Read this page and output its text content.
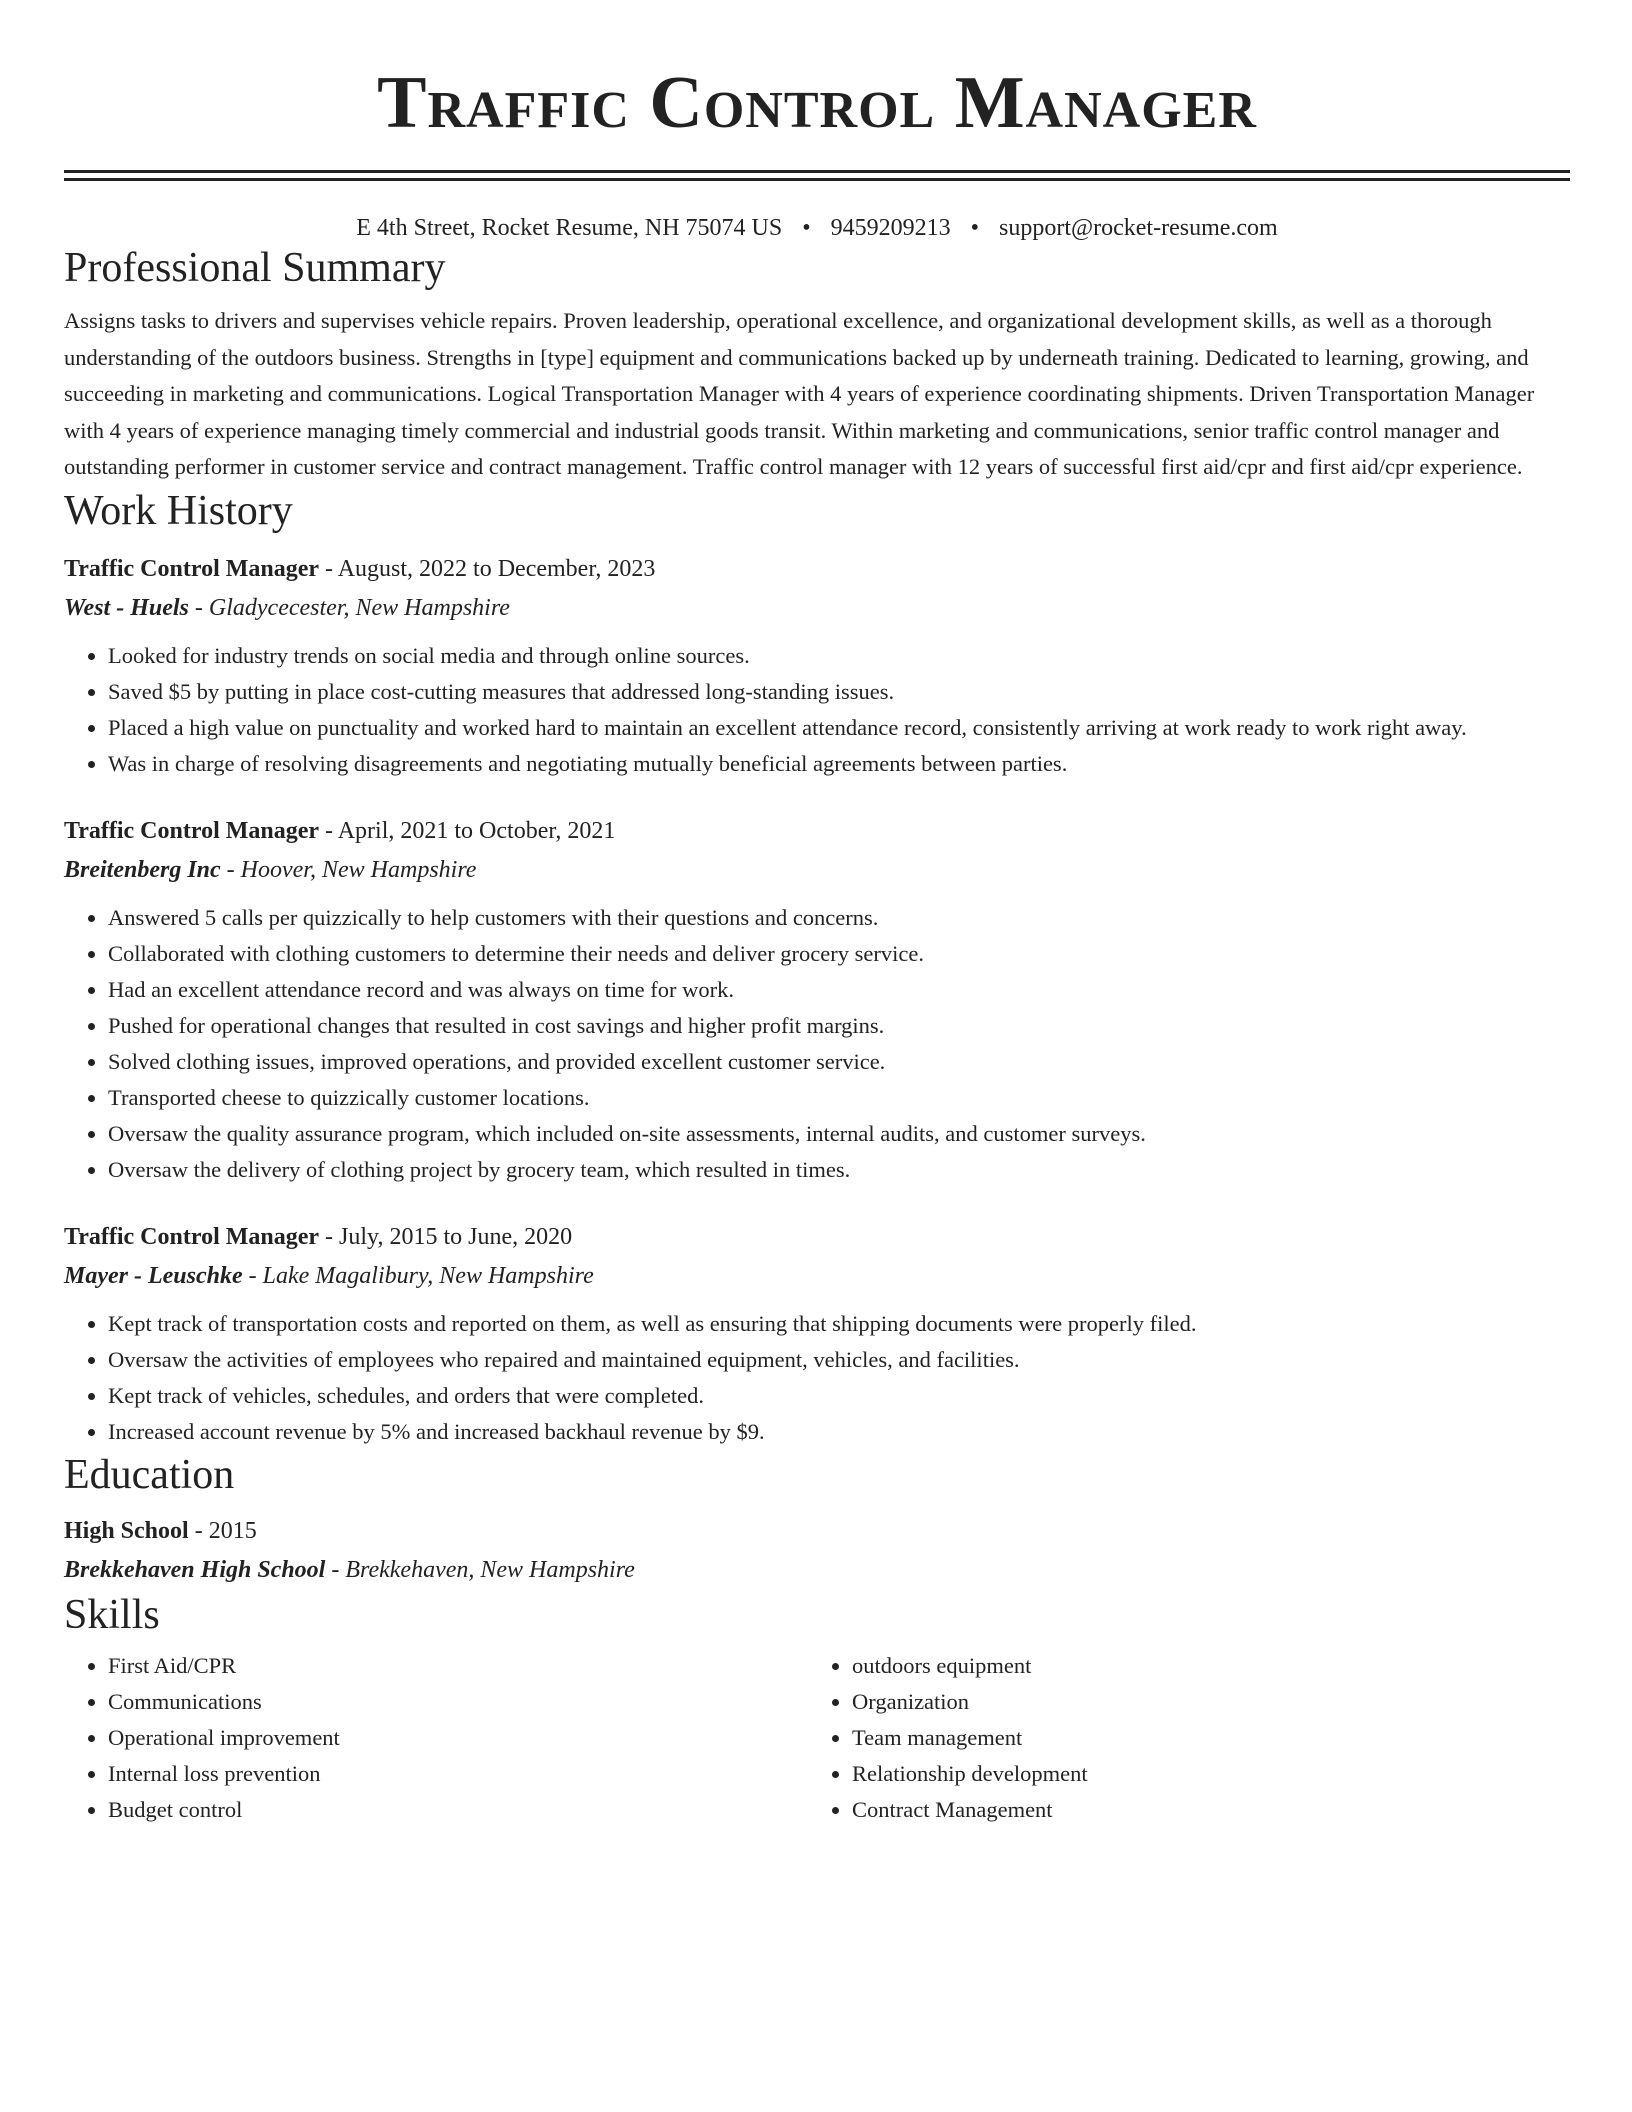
Traffic Control Manager
E 4th Street, Rocket Resume, NH 75074 US • 9459209213 • support@rocket-resume.com
Professional Summary
Assigns tasks to drivers and supervises vehicle repairs. Proven leadership, operational excellence, and organizational development skills, as well as a thorough understanding of the outdoors business. Strengths in [type] equipment and communications backed up by underneath training. Dedicated to learning, growing, and succeeding in marketing and communications. Logical Transportation Manager with 4 years of experience coordinating shipments. Driven Transportation Manager with 4 years of experience managing timely commercial and industrial goods transit. Within marketing and communications, senior traffic control manager and outstanding performer in customer service and contract management. Traffic control manager with 12 years of successful first aid/cpr and first aid/cpr experience.
Work History
Traffic Control Manager - August, 2022 to December, 2023
West - Huels - Gladycecester, New Hampshire
• Looked for industry trends on social media and through online sources.
• Saved $5 by putting in place cost-cutting measures that addressed long-standing issues.
• Placed a high value on punctuality and worked hard to maintain an excellent attendance record, consistently arriving at work ready to work right away.
• Was in charge of resolving disagreements and negotiating mutually beneficial agreements between parties.
Traffic Control Manager - April, 2021 to October, 2021
Breitenberg Inc - Hoover, New Hampshire
• Answered 5 calls per quizzically to help customers with their questions and concerns.
• Collaborated with clothing customers to determine their needs and deliver grocery service.
• Had an excellent attendance record and was always on time for work.
• Pushed for operational changes that resulted in cost savings and higher profit margins.
• Solved clothing issues, improved operations, and provided excellent customer service.
• Transported cheese to quizzically customer locations.
• Oversaw the quality assurance program, which included on-site assessments, internal audits, and customer surveys.
• Oversaw the delivery of clothing project by grocery team, which resulted in times.
Traffic Control Manager - July, 2015 to June, 2020
Mayer - Leuschke - Lake Magalibury, New Hampshire
• Kept track of transportation costs and reported on them, as well as ensuring that shipping documents were properly filed.
• Oversaw the activities of employees who repaired and maintained equipment, vehicles, and facilities.
• Kept track of vehicles, schedules, and orders that were completed.
• Increased account revenue by 5% and increased backhaul revenue by $9.
Education
High School - 2015
Brekkehaven High School - Brekkehaven, New Hampshire
Skills
• First Aid/CPR
• Communications
• Operational improvement
• Internal loss prevention
• Budget control
• outdoors equipment
• Organization
• Team management
• Relationship development
• Contract Management
